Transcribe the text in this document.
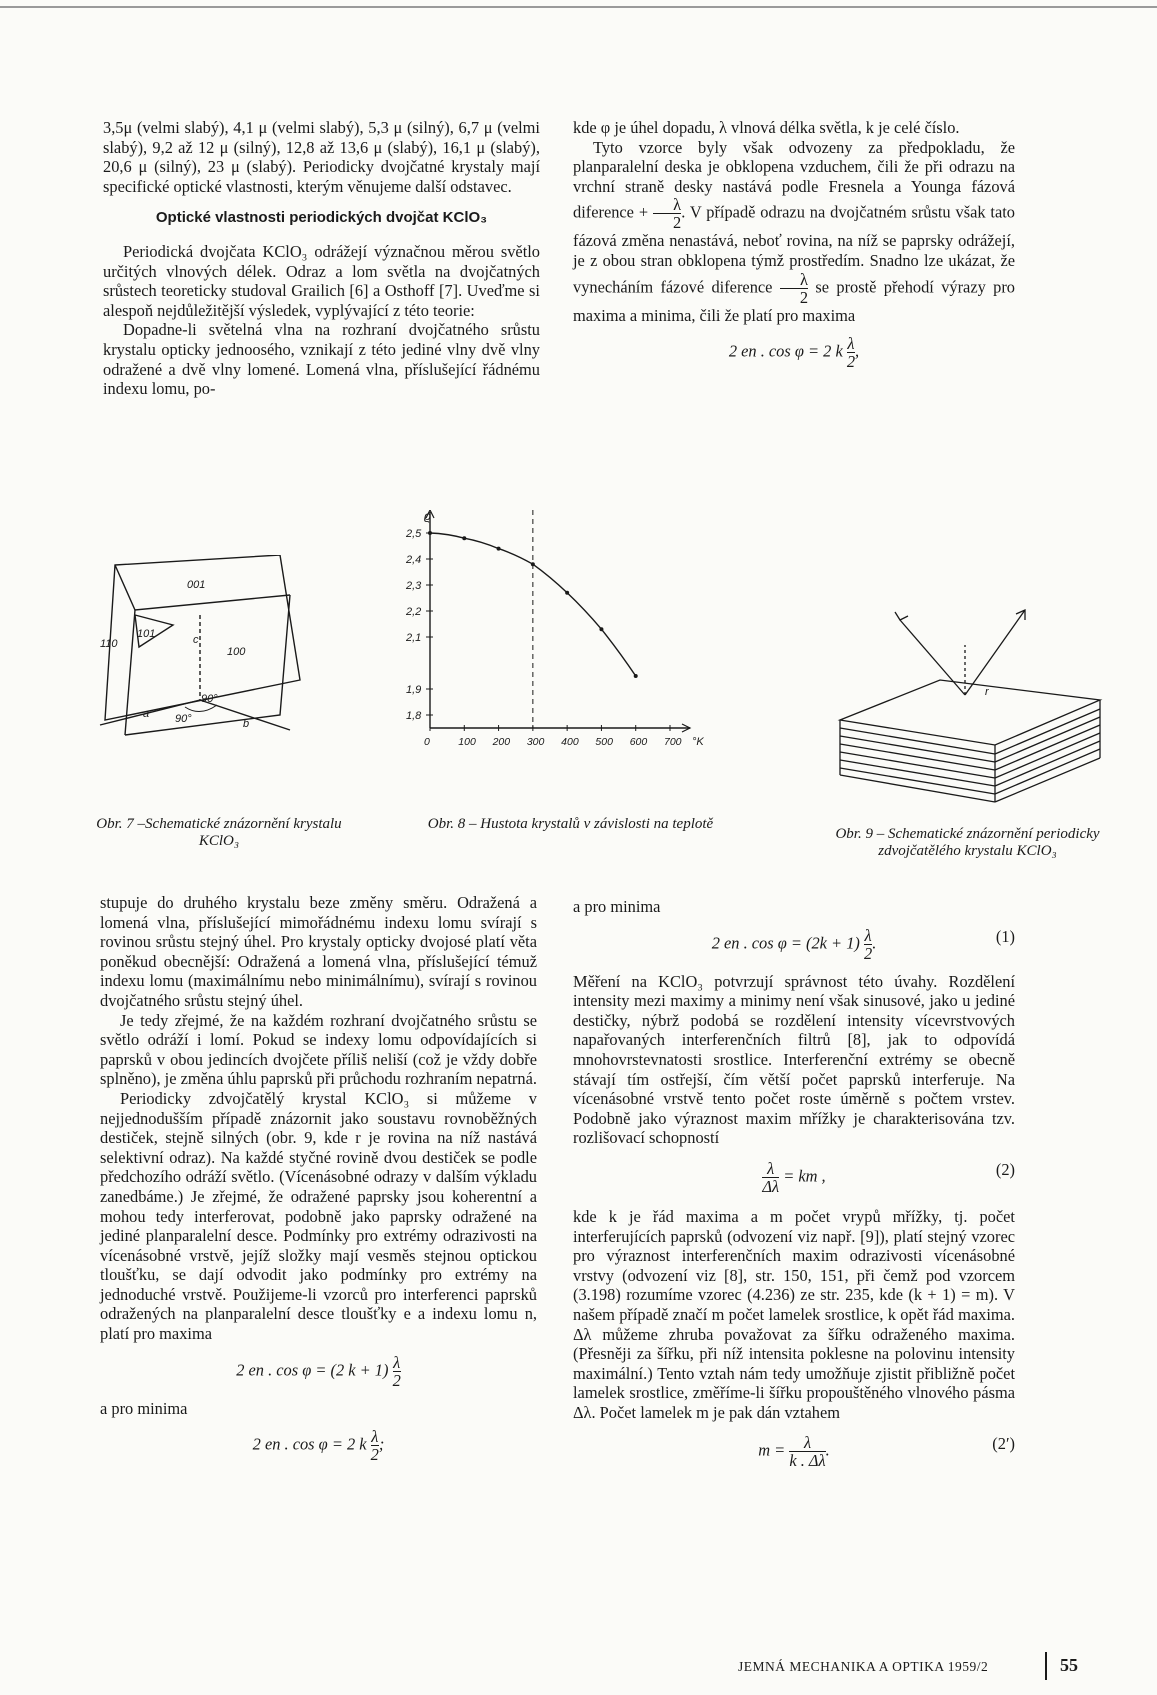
3,5μ (velmi slabý), 4,1 μ (velmi slabý), 5,3 μ (silný), 6,7 μ (velmi slabý), 9,2 až 12 μ (silný), 12,8 až 13,6 μ (slabý), 16,1 μ (slabý), 20,6 μ (silný), 23 μ (slabý). Periodicky dvojčatné krystaly mají specifické optické vlastnosti, kterým věnujeme další odstavec.

Optické vlastnosti periodických dvojčat KClO₃

Periodická dvojčata KClO₃ odrážejí význačnou měrou světlo určitých vlnových délek. Odraz a lom světla na dvojčatných srůstech teoreticky studoval Grailich [6] a Osthoff [7]. Uveďme si alespoň nejdůležitější výsledek, vyplývající z této teorie:

Dopadne-li světelná vlna na rozhraní dvojčatného srůstu krystalu opticky jednoosého, vznikají z této jediné vlny dvě vlny odražené a dvě vlny lomené. Lomená vlna, příslušející řádnému indexu lomu, po-

kde φ je úhel dopadu, λ vlnová délka světla, k je celé číslo.

Tyto vzorce byly však odvozeny za předpokladu, že planparalelní deska je obklopena vzduchem, čili že při odrazu na vrchní straně desky nastává podle Fresnela a Younga fázová diference + $\frac{\lambda}{2}$ . V případě odrazu na dvojčatném srůstu však tato fázová změna nenastává, neboť rovina, na níž se paprsky odrážejí, je z obou stran obklopena týmž prostředím. Snadno lze ukázat, že vynecháním fázové diference $\frac{\lambda}{2}$ se prostě přehodí výrazy pro maxima a minima, čili že platí pro maxima

2 en . cos φ = 2 k $\frac{\lambda}{2}$ ,

001
101
110
100
c
a
b
90°
90°
Obr. 7 –Schematické znázornění krystalu KClO₃
ϱ
1,8
1,9
2,1
2,2
2,3
2,4
2,5
0	100 200 300 400 500 600 700 °K
Obr. 8 – Hustota krystalů v závislosti na teplotě
r
Obr. 9 – Schematické znázornění periodicky zdvojčatělého krystalu KClO₃

stupuje do druhého krystalu beze změny směru. Odražená a lomená vlna, příslušející mimořádnému indexu lomu svírají s rovinou srůstu stejný úhel. Pro krystaly opticky dvojosé platí věta poněkud obecnější: Odražená a lomená vlna, příslušející témuž indexu lomu (maximálnímu nebo minimálnímu), svírají s rovinou dvojčatného srůstu stejný úhel.

Je tedy zřejmé, že na každém rozhraní dvojčatného srůstu se světlo odráží i lomí. Pokud se indexy lomu odpovídajících si paprsků v obou jedincích dvojčete příliš neliší (což je vždy dobře splněno), je změna úhlu paprsků při průchodu rozhraním nepatrná.

Periodicky zdvojčatělý krystal KClO₃ si můžeme v nejjednodušším případě znázornit jako soustavu rovnoběžných destiček, stejně silných (obr. 9, kde r je rovina na níž nastává selektivní odraz). Na každé styčné rovině dvou destiček se podle předchozího odráží světlo. (Vícenásobné odrazy v dalším výkladu zanedbáme.) Je zřejmé, že odražené paprsky jsou koherentní a mohou tedy interferovat, podobně jako paprsky odražené na jediné planparalelní desce. Podmínky pro extrémy odrazivosti na vícenásobné vrstvě, jejíž složky mají vesměs stejnou optickou tloušťku, se dají odvodit jako podmínky pro extrémy na jednoduché vrstvě. Použijeme-li vzorců pro interferenci paprsků odražených na planparalelní desce tloušťky e a indexu lomu n, platí pro maxima

2 en . cos φ = (2 $k + 1) \frac{\lambda}{2}$

a pro minima

2 en . cos φ = 2 k $\frac{\lambda}{2}$ ;

a pro minima

2 en . $\cos \varphi = (2k + 1) \frac{\lambda}{2}$ .	(1)

Měření na KClO₃ potvrzují správnost této úvahy. Rozdělení intensity mezi maximy a minimy není však sinusové, jako u jediné destičky, nýbrž podobá se rozdělení intensity vícevrstvových napařovaných interferenčních filtrů [8], jak to odpovídá mnohovrstevnatosti srostlice. Interferenční extrémy se obecně stávají tím ostřejší, čím větší počet paprsků interferuje. Na vícenásobné vrstvě tento počet roste úměrně s počtem vrstev. Podobně jako výraznost maxim mřížky je charakterisována tzv. rozlišovací schopností

$\frac{\lambda}{\Delta\lambda}$ = km ,	(2)

kde k je řád maxima a m počet vrypů mřížky, tj. počet interferujících paprsků (odvození viz např. [9]), platí stejný vzorec pro výraznost interferenčních maxim odrazivosti vícenásobné vrstvy (odvození viz [8], str. 150, 151, při čemž pod vzorcem (3.198) rozumíme vzorec (4.236) ze str. 235, kde (k + 1) = m). V našem případě značí m počet lamelek srostlice, k opět řád maxima. Δλ můžeme zhruba považovat za šířku odraženého maxima. (Přesněji za šířku, při níž intensita poklesne na polovinu intensity maximální.) Tento vztah nám tedy umožňuje zjistit přibližně počet lamelek srostlice, změříme-li šířku propouštěného vlnového pásma Δλ. Počet lamelek m je pak dán vztahem

$m = \frac{\lambda}{k . \Delta\lambda}$ .	(2′)

JEMNÁ MECHANIKA A OPTIKA 1959/2	55
